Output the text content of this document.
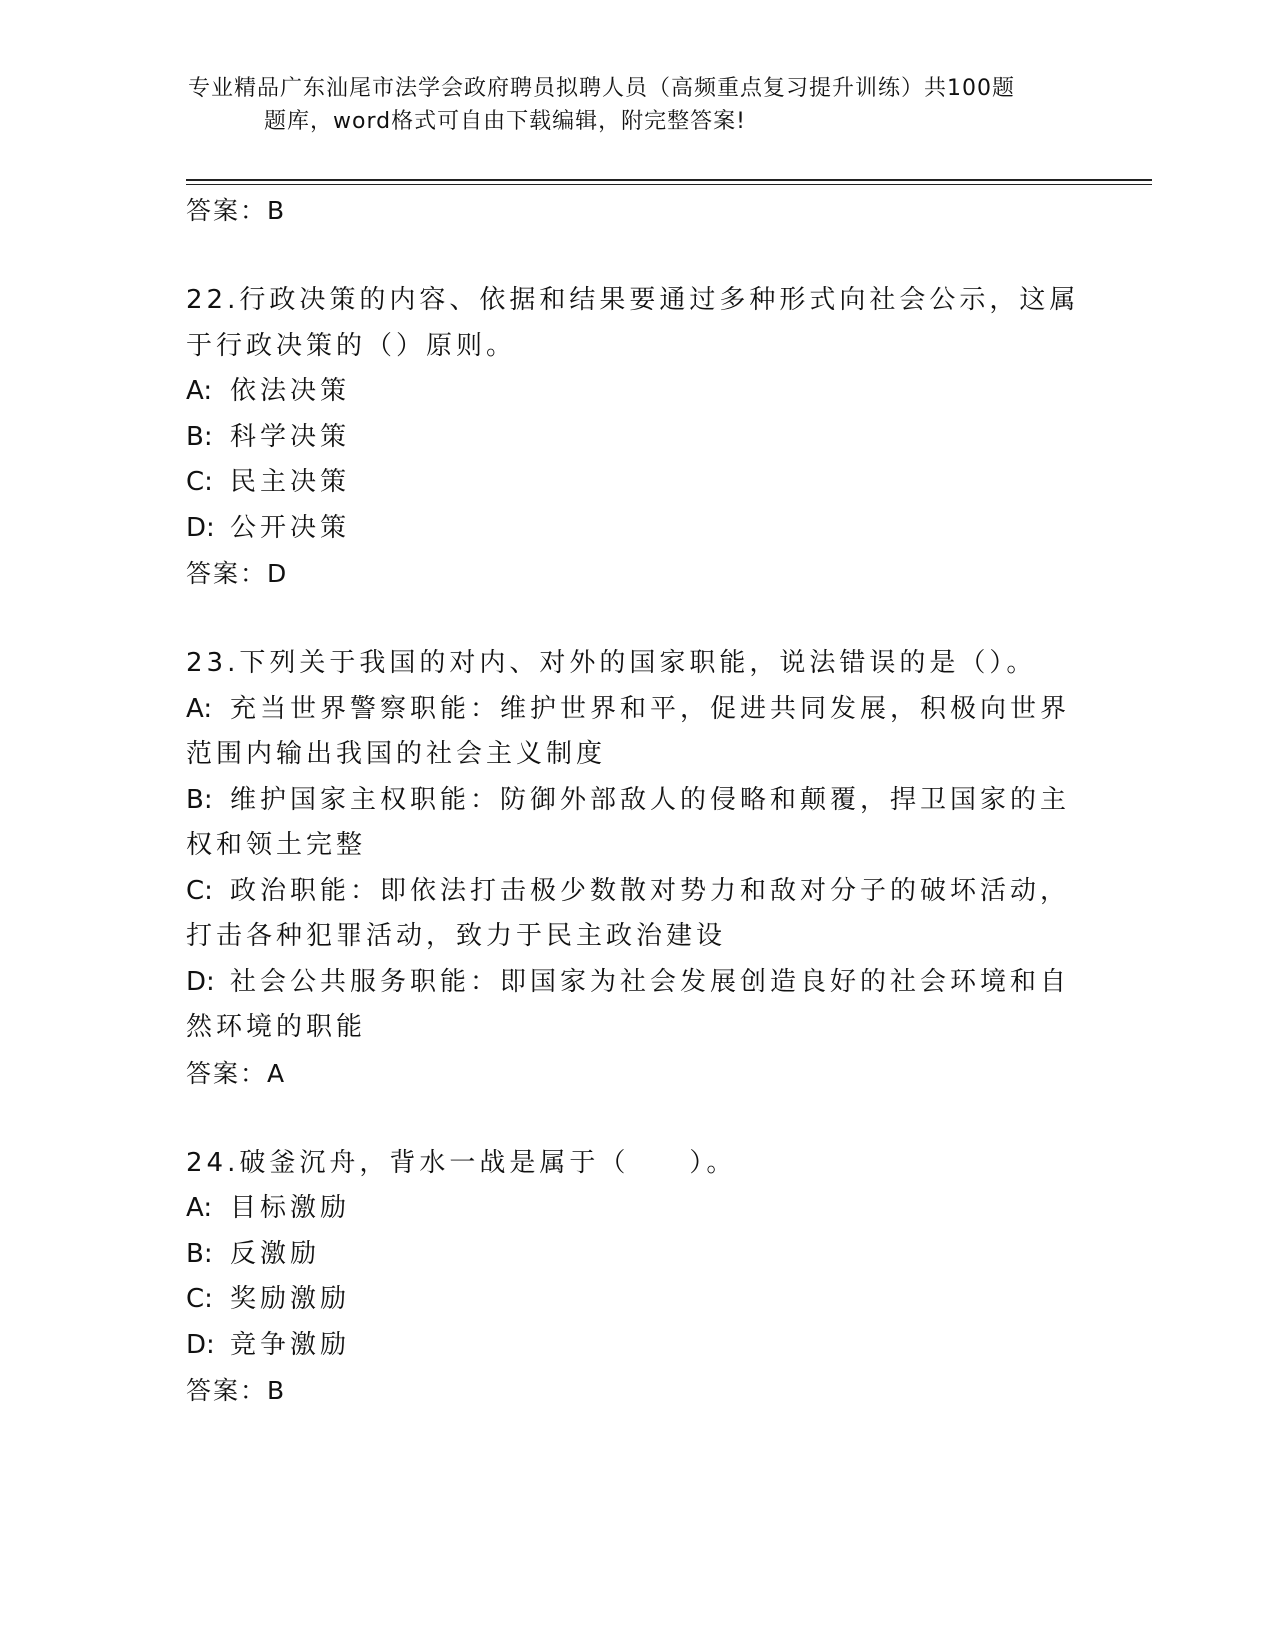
专业精品广东汕尾市法学会政府聘员拟聘人员（高频重点复习提升训练）共100题
题库，word格式可自由下载编辑，附完整答案!
答案：B

22.行政决策的内容、依据和结果要通过多种形式向社会公示，这属于行政决策的（）原则。

A: 依法决策

B: 科学决策

C: 民主决策

D: 公开决策

答案：D

23.下列关于我国的对内、对外的国家职能，说法错误的是（）。

A: 充当世界警察职能：维护世界和平，促进共同发展，积极向世界范围内输出我国的社会主义制度

B: 维护国家主权职能：防御外部敌人的侵略和颠覆，捍卫国家的主权和领土完整

C: 政治职能：即依法打击极少数散对势力和敌对分子的破坏活动，打击各种犯罪活动，致力于民主政治建设

D: 社会公共服务职能：即国家为社会发展创造良好的社会环境和自然环境的职能

答案：A

24.破釜沉舟，背水一战是属于（　　）。

A: 目标激励

B: 反激励

C: 奖励激励

D: 竞争激励

答案：B
